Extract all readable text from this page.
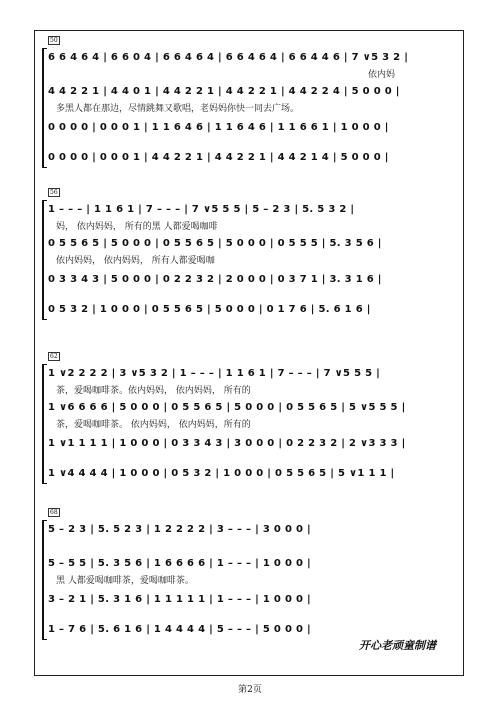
50
6 6 4 6 4 | 6 6 0 4 | 6 6 4 6 4 | 6 6 4 6 4 | 6 6 4 4 6 | 7 ∨5 3 2 |
依内妈
4 4 2 2 1 | 4 4 0 1 | 4 4 2 2 1 | 4 4 2 2 1 | 4 4 2 2 4 | 5 0 0 0 |
多黑人都在那边，尽情跳舞又歌唱，老妈妈你快一同去广场。
0 0 0 0 | 0 0 0 1 | 1 1 6 4 6 | 1 1 6 4 6 | 1 1 6 6 1 | 1 0 0 0 |
0 0 0 0 | 0 0 0 1 | 4 4 2 2 1 | 4 4 2 2 1 | 4 4 2 1 4 | 5 0 0 0 |
56
1 – – – | 1 1 6 1 | 7 – – – | 7 ∨5 5 5 | 5 – 2 3 | 5. 5 3 2 |
妈， 依内妈妈， 所有的黑 人都爱喝咖啡
0 5 5 6 5 | 5 0 0 0 | 0 5 5 6 5 | 5 0 0 0 | 0 5 5 5 | 5. 3 5 6 |
依内妈妈， 依内妈妈， 所有人都爱喝咖
0 3 3 4 3 | 5 0 0 0 | 0 2 2 3 2 | 2 0 0 0 | 0 3 7 1 | 3. 3 1 6 |
0 5 3 2 | 1 0 0 0 | 0 5 5 6 5 | 5 0 0 0 | 0 1 7 6 | 5. 6 1 6 |
62
1 ∨2 2 2 2 | 3 ∨5 3 2 | 1 – – – | 1 1 6 1 | 7 – – – | 7 ∨5 5 5 |
茶，爱喝咖啡茶。依内妈妈， 依内妈妈， 所有的
1 ∨6 6 6 6 | 5 0 0 0 | 0 5 5 6 5 | 5 0 0 0 | 0 5 5 6 5 | 5 ∨5 5 5 |
茶，爱喝咖啡茶。 依内妈妈， 依内妈妈，所有的
1 ∨1 1 1 1 | 1 0 0 0 | 0 3 3 4 3 | 3 0 0 0 | 0 2 2 3 2 | 2 ∨3 3 3 |
1 ∨4 4 4 4 | 1 0 0 0 | 0 5 3 2 | 1 0 0 0 | 0 5 5 6 5 | 5 ∨1 1 1 |
68
5 – 2 3 | 5. 5 2 3 | 1 2 2 2 2 | 3 – – – | 3 0 0 0 |
5 – 5 5 | 5. 3 5 6 | 1 6 6 6 6 | 1 – – – | 1 0 0 0 |
黑 人都爱喝咖啡茶，爱喝咖啡茶。
3 – 2 1 | 5. 3 1 6 | 1 1 1 1 1 | 1 – – – | 1 0 0 0 |
1 – 7 6 | 5. 6 1 6 | 1 4 4 4 4 | 5 – – – | 5 0 0 0 |
开心老顽童制谱
第2页
